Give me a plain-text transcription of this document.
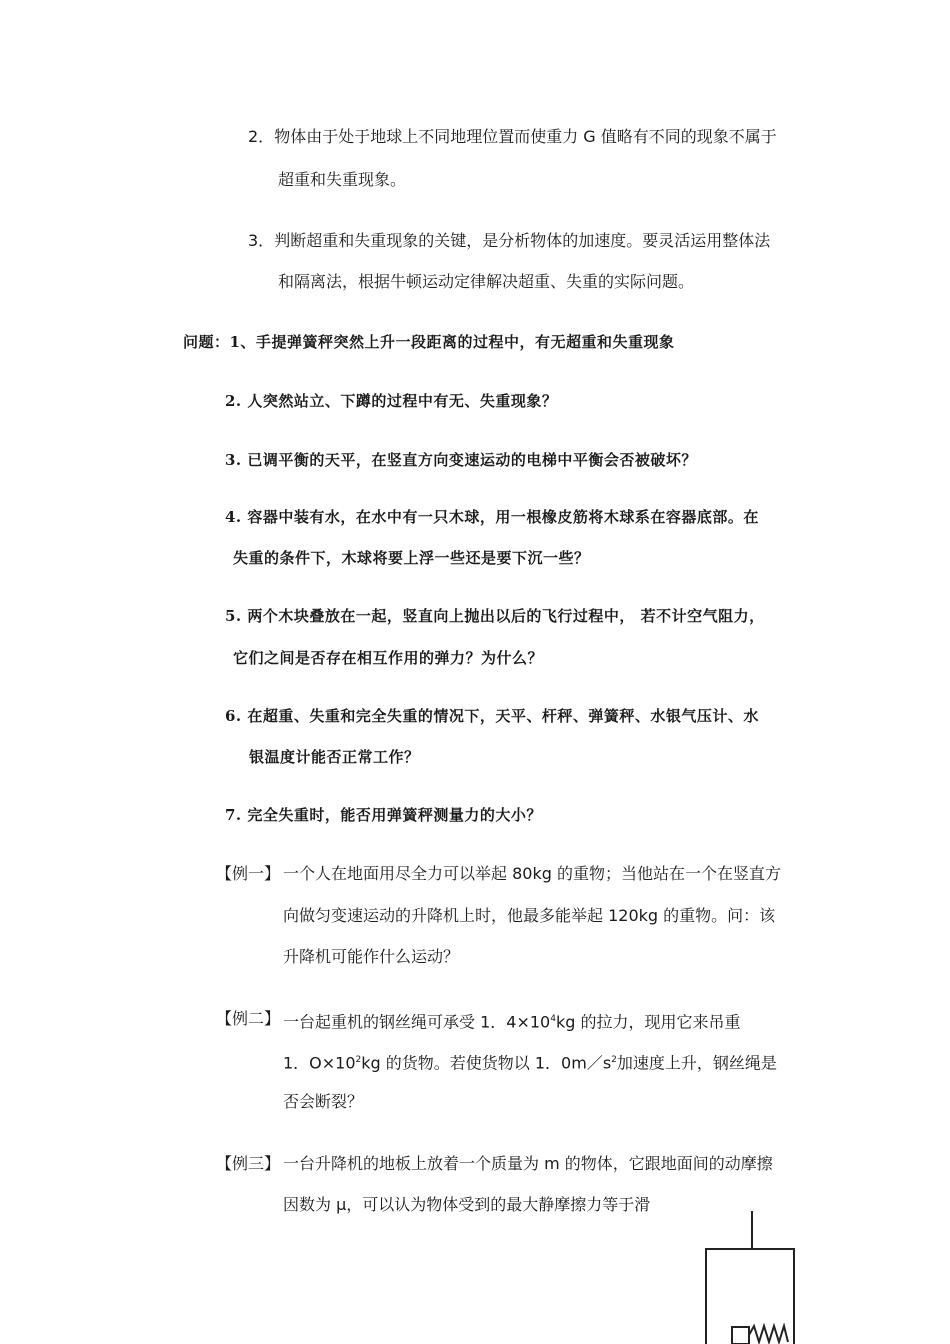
2．物体由于处于地球上不同地理位置而使重力 G 值略有不同的现象不属于
超重和失重现象。
3．判断超重和失重现象的关键，是分析物体的加速度。要灵活运用整体法
和隔离法，根据牛顿运动定律解决超重、失重的实际问题。
问题：1、手提弹簧秤突然上升一段距离的过程中，有无超重和失重现象
2. 人突然站立、下蹲的过程中有无、失重现象？
3. 已调平衡的天平，在竖直方向变速运动的电梯中平衡会否被破坏？
4. 容器中装有水，在水中有一只木球，用一根橡皮筋将木球系在容器底部。在
失重的条件下，木球将要上浮一些还是要下沉一些？
5. 两个木块叠放在一起，竖直向上抛出以后的飞行过程中， 若不计空气阻力，
它们之间是否存在相互作用的弹力？为什么？
6. 在超重、失重和完全失重的情况下，天平、杆秤、弹簧秤、水银气压计、水
银温度计能否正常工作？
7. 完全失重时，能否用弹簧秤测量力的大小？
【例一】 一个人在地面用尽全力可以举起 80kg 的重物；当他站在一个在竖直方
向做匀变速运动的升降机上时，他最多能举起 120kg 的重物。问：该
升降机可能作什么运动？
【例二】 一台起重机的钢丝绳可承受 1．$4\times 10^4kg$ 的拉力，现用它来吊重
1．$O\times 10^2kg$ 的货物。若使货物以 1．$0m/s^2$加速度上升，钢丝绳是
否会断裂？
【例三】 一台升降机的地板上放着一个质量为 m 的物体，它跟地面间的动摩擦
因数为 μ，可以认为物体受到的最大静摩擦力等于滑
